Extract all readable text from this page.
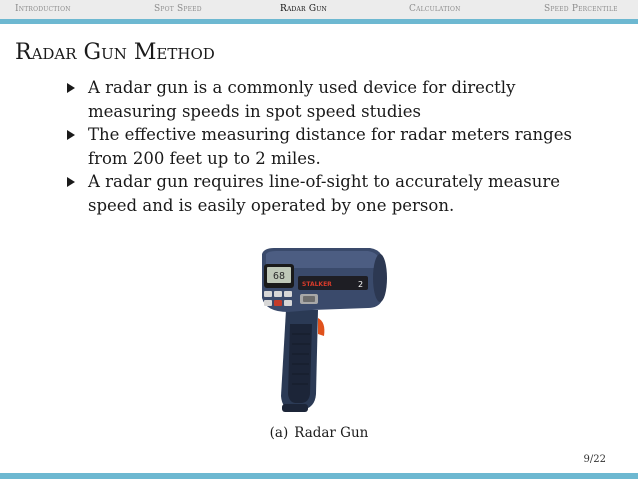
Introduction	Spot Speed	Radar Gun	Calculation	Speed Percentile
Radar Gun Method
A radar gun is a commonly used device for directly measuring speeds in spot speed studies
The effective measuring distance for radar meters ranges from 200 feet up to 2 miles.
A radar gun requires line-of-sight to accurately measure speed and is easily operated by one person.
68
STALKER	2
(a) Radar Gun
9/22
